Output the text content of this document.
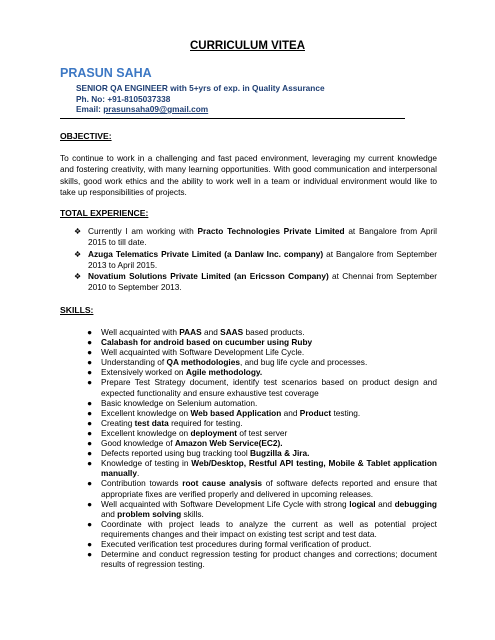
CURRICULUM VITEA
PRASUN SAHA
SENIOR QA ENGINEER with 5+yrs of exp. in Quality Assurance
Ph. No: +91-8105037338
Email: prasunsaha09@gmail.com
OBJECTIVE:
To continue to work in a challenging and fast paced environment, leveraging my current knowledge and fostering creativity, with many learning opportunities. With good communication and interpersonal skills, good work ethics and the ability to work well in a team or individual environment would like to take up responsibilities of projects.
TOTAL EXPERIENCE:
❖ Currently I am working with Practo Technologies Private Limited at Bangalore from April 2015 to till date.
❖ Azuga Telematics Private Limited (a Danlaw Inc. company) at Bangalore from September 2013 to April 2015.
❖ Novatium Solutions Private Limited (an Ericsson Company) at Chennai from September 2010 to September 2013.
SKILLS:
● Well acquainted with PAAS and SAAS based products.
● Calabash for android based on cucumber using Ruby
● Well acquainted with Software Development Life Cycle.
● Understanding of QA methodologies, and bug life cycle and processes.
● Extensively worked on Agile methodology.
● Prepare Test Strategy document, identify test scenarios based on product design and expected functionality and ensure exhaustive test coverage
● Basic knowledge on Selenium automation.
● Excellent knowledge on Web based Application and Product testing.
● Creating test data required for testing.
● Excellent knowledge on deployment of test server
● Good knowledge of Amazon Web Service(EC2).
● Defects reported using bug tracking tool Bugzilla & Jira.
● Knowledge of testing in Web/Desktop, Restful API testing, Mobile & Tablet application manually.
● Contribution towards root cause analysis of software defects reported and ensure that appropriate fixes are verified properly and delivered in upcoming releases.
● Well acquainted with Software Development Life Cycle with strong logical and debugging and problem solving skills.
● Coordinate with project leads to analyze the current as well as potential project requirements changes and their impact on existing test script and test data.
● Executed verification test procedures during formal verification of product.
● Determine and conduct regression testing for product changes and corrections; document results of regression testing.
